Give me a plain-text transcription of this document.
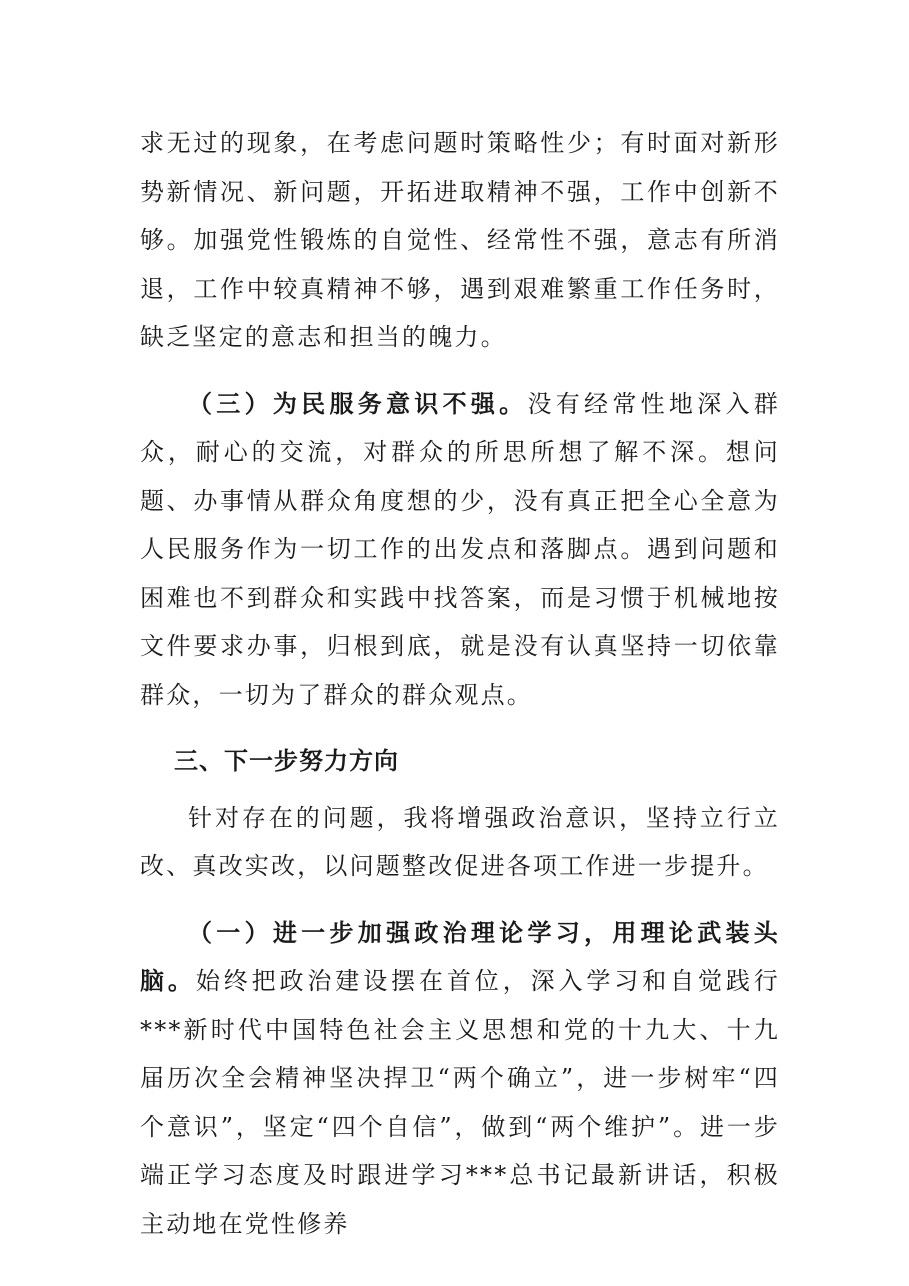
求无过的现象，在考虑问题时策略性少；有时面对新形势新情况、新问题，开拓进取精神不强，工作中创新不够。加强党性锻炼的自觉性、经常性不强，意志有所消退，工作中较真精神不够，遇到艰难繁重工作任务时，缺乏坚定的意志和担当的魄力。

（三）为民服务意识不强。没有经常性地深入群众，耐心的交流，对群众的所思所想了解不深。想问题、办事情从群众角度想的少，没有真正把全心全意为人民服务作为一切工作的出发点和落脚点。遇到问题和困难也不到群众和实践中找答案，而是习惯于机械地按文件要求办事，归根到底，就是没有认真坚持一切依靠群众，一切为了群众的群众观点。

三、下一步努力方向

针对存在的问题，我将增强政治意识，坚持立行立改、真改实改，以问题整改促进各项工作进一步提升。

（一）进一步加强政治理论学习，用理论武装头脑。始终把政治建设摆在首位，深入学习和自觉践行***新时代中国特色社会主义思想和党的十九大、十九届历次全会精神坚决捍卫“两个确立”，进一步树牢“四个意识”，坚定“四个自信”，做到“两个维护”。进一步端正学习态度及时跟进学习***总书记最新讲话，积极主动地在党性修养
